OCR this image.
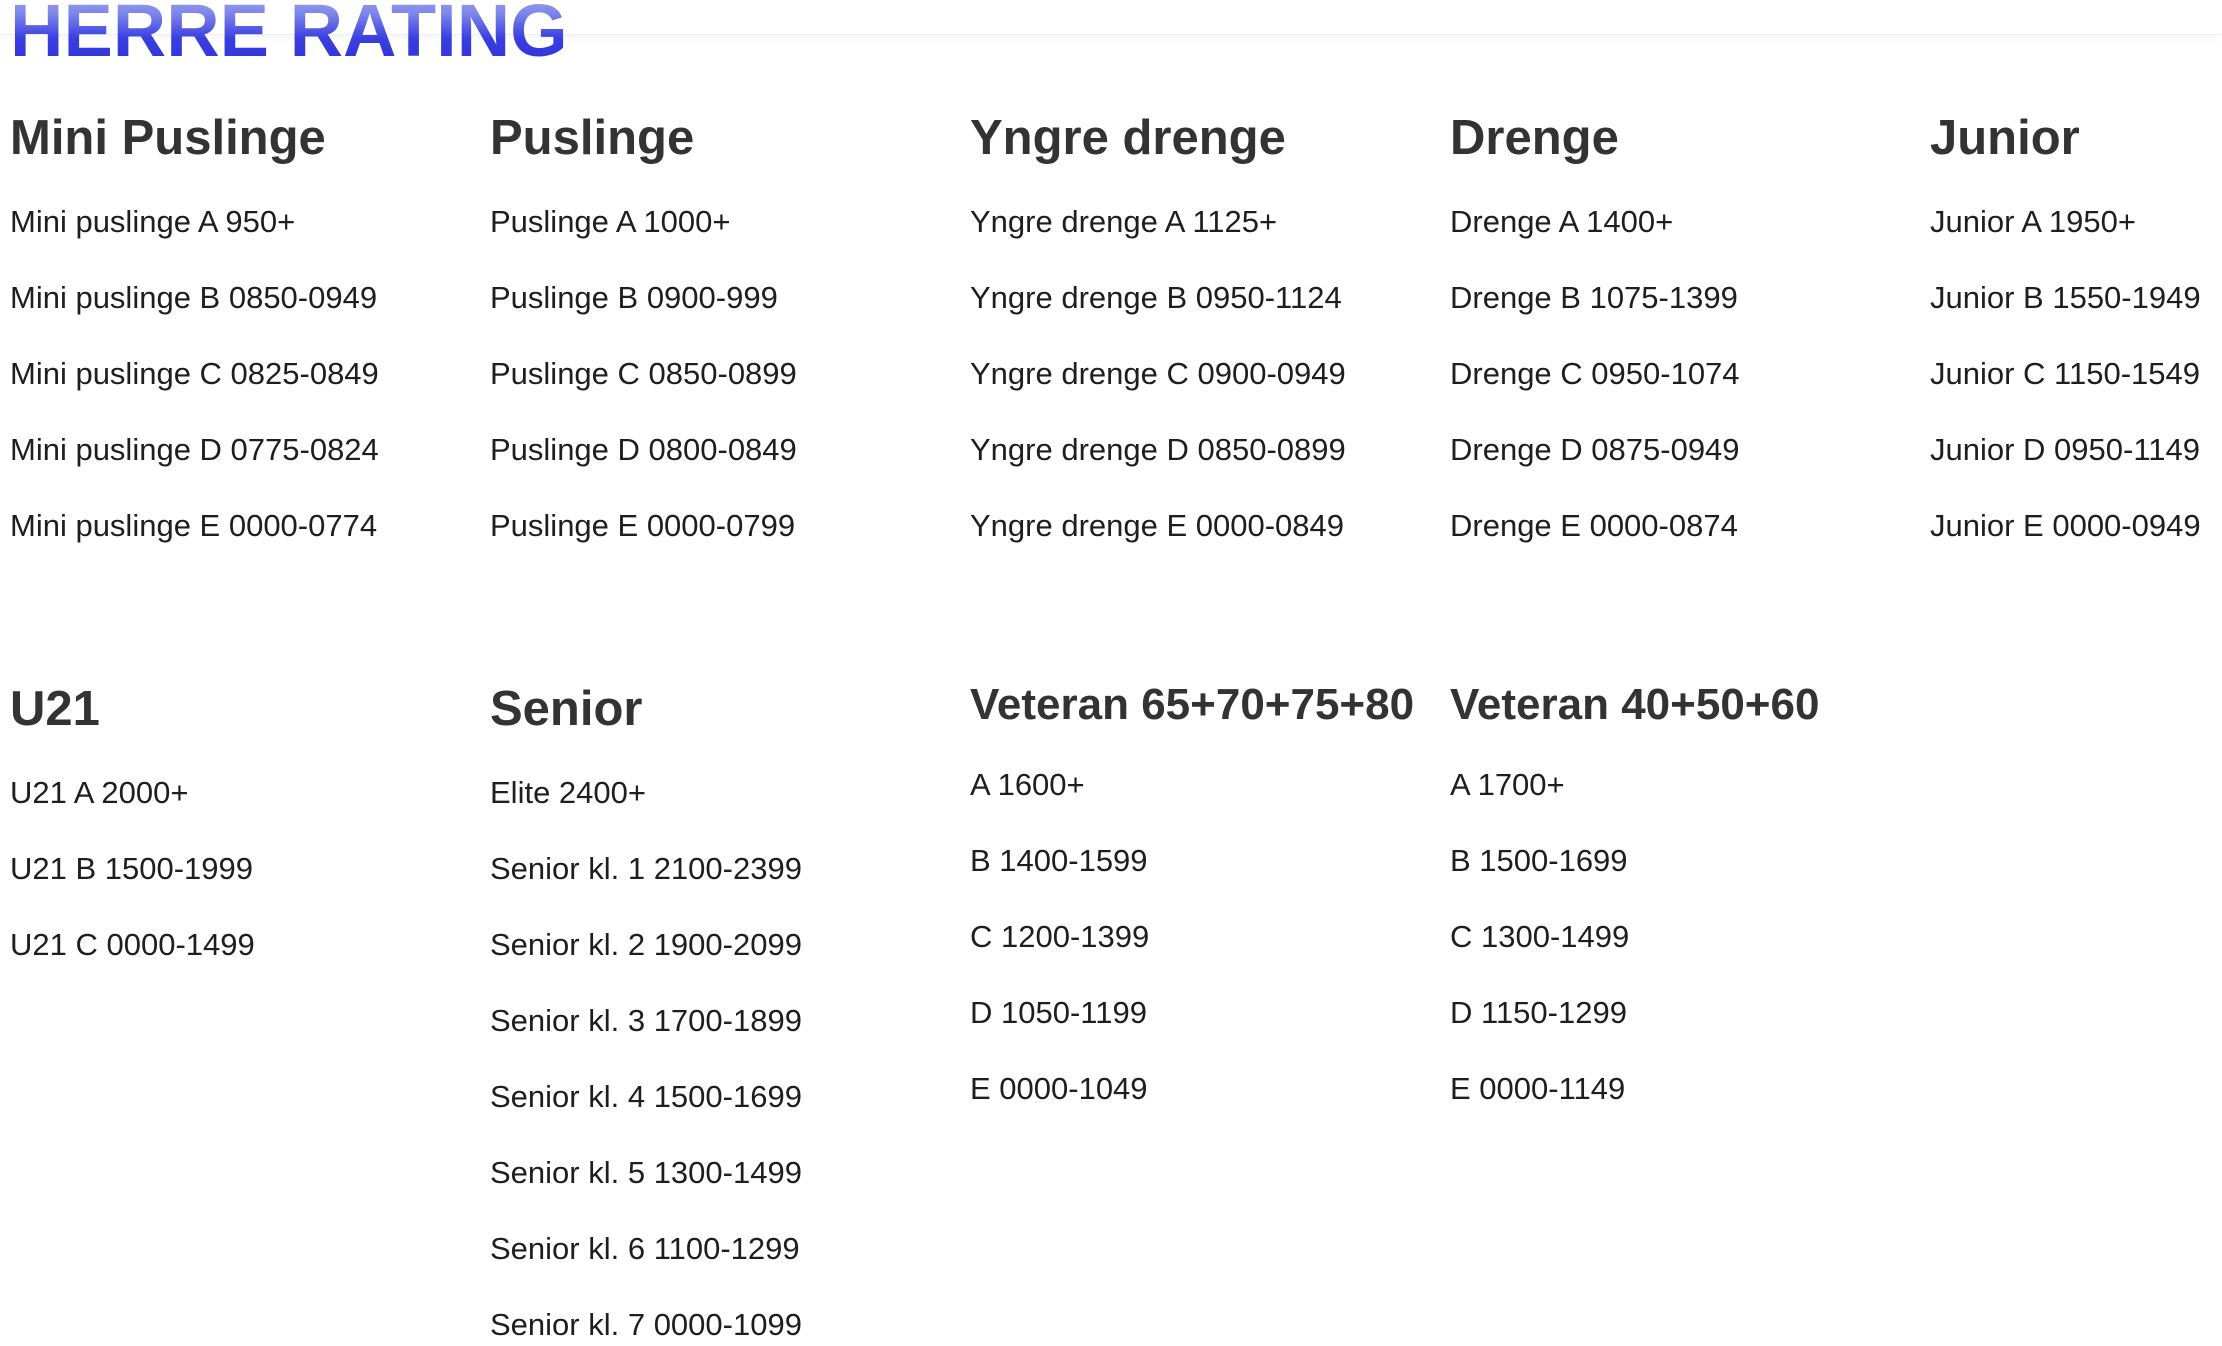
HERRE RATING
Mini Puslinge
Mini puslinge A 950+
Mini puslinge B 0850-0949
Mini puslinge C 0825-0849
Mini puslinge D 0775-0824
Mini puslinge E 0000-0774
Puslinge
Puslinge A 1000+
Puslinge B 0900-999
Puslinge C 0850-0899
Puslinge D 0800-0849
Puslinge E 0000-0799
Yngre drenge
Yngre drenge A 1125+
Yngre drenge B 0950-1124
Yngre drenge C 0900-0949
Yngre drenge D 0850-0899
Yngre drenge E 0000-0849
Drenge
Drenge A 1400+
Drenge B 1075-1399
Drenge C 0950-1074
Drenge D 0875-0949
Drenge E 0000-0874
Junior
Junior A 1950+
Junior B 1550-1949
Junior C 1150-1549
Junior D 0950-1149
Junior E 0000-0949
U21
U21 A 2000+
U21 B 1500-1999
U21 C 0000-1499
Senior
Elite 2400+
Senior kl. 1 2100-2399
Senior kl. 2 1900-2099
Senior kl. 3 1700-1899
Senior kl. 4 1500-1699
Senior kl. 5 1300-1499
Senior kl. 6 1100-1299
Senior kl. 7 0000-1099
Veteran 65+70+75+80
A 1600+
B 1400-1599
C 1200-1399
D 1050-1199
E 0000-1049
Veteran 40+50+60
A 1700+
B 1500-1699
C 1300-1499
D 1150-1299
E 0000-1149
